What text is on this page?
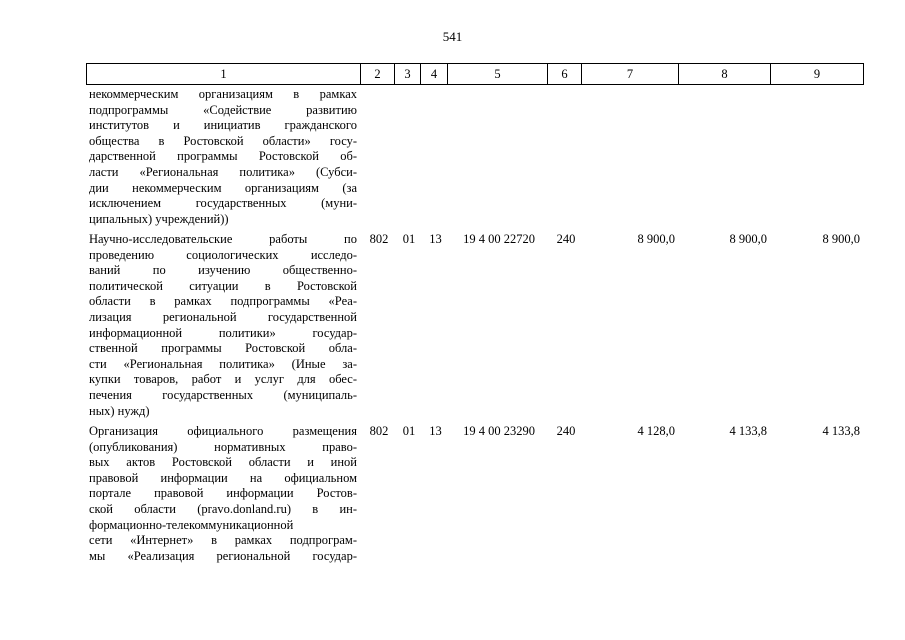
541
1	2	3	4	5	6	7	8	9
некоммерческим организациям в рамках
подпрограммы «Содействие развитию
институтов и инициатив гражданского
общества в Ростовской области» госу-
дарственной программы Ростовской об-
ласти «Региональная политика» (Субси-
дии некоммерческим организациям (за
исключением государственных (муни-
ципальных) учреждений))
Научно-исследовательские работы по
проведению социологических исследо-
ваний по изучению общественно-
политической ситуации в Ростовской
области в рамках подпрограммы «Реа-
лизация региональной государственной
информационной политики» государ-
ственной программы Ростовской обла-
сти «Региональная политика» (Иные за-
купки товаров, работ и услуг для обес-
печения государственных (муниципаль-
ных) нужд)
802	01	13	19 4 00 22720	240	8 900,0	8 900,0	8 900,0
Организация официального размещения
(опубликования) нормативных право-
вых актов Ростовской области и иной
правовой информации на официальном
портале правовой информации Ростов-
ской области (pravo.donland.ru) в ин-
формационно-телекоммуникационной
сети «Интернет» в рамках подпрограм-
мы «Реализация региональной государ-
802	01	13	19 4 00 23290	240	4 128,0	4 133,8	4 133,8
